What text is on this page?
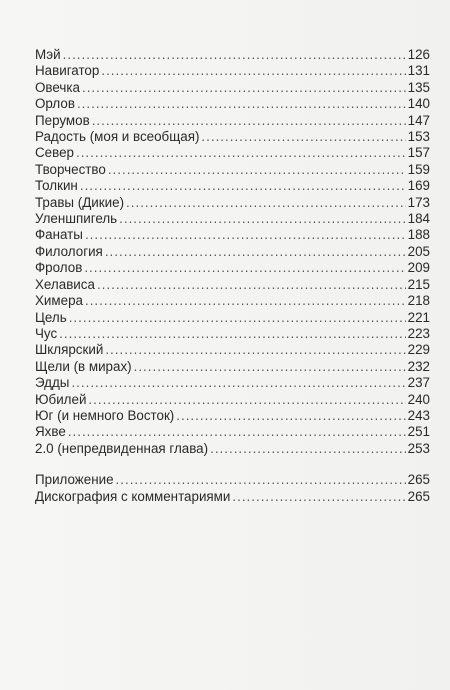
Мэй .....	126
Навигатор .....	131
Овечка .....	135
Орлов .....	140
Перумов .....	147
Радость (моя и всеобщая) .....	153
Север .....	157
Творчество .....	159
Толкин .....	169
Травы (Дикие) .....	173
Уленшпигель .....	184
Фанаты .....	188
Филология .....	205
Фролов .....	209
Хелависа .....	215
Химера .....	218
Цель .....	221
Чус .....	223
Шклярский .....	229
Щели (в мирах) .....	232
Эдды .....	237
Юбилей .....	240
Юг (и немного Восток) .....	243
Яхве .....	251
2.0 (непредвиденная глава) .....	253
Приложение .....	265
Дискография с комментариями .....	265
